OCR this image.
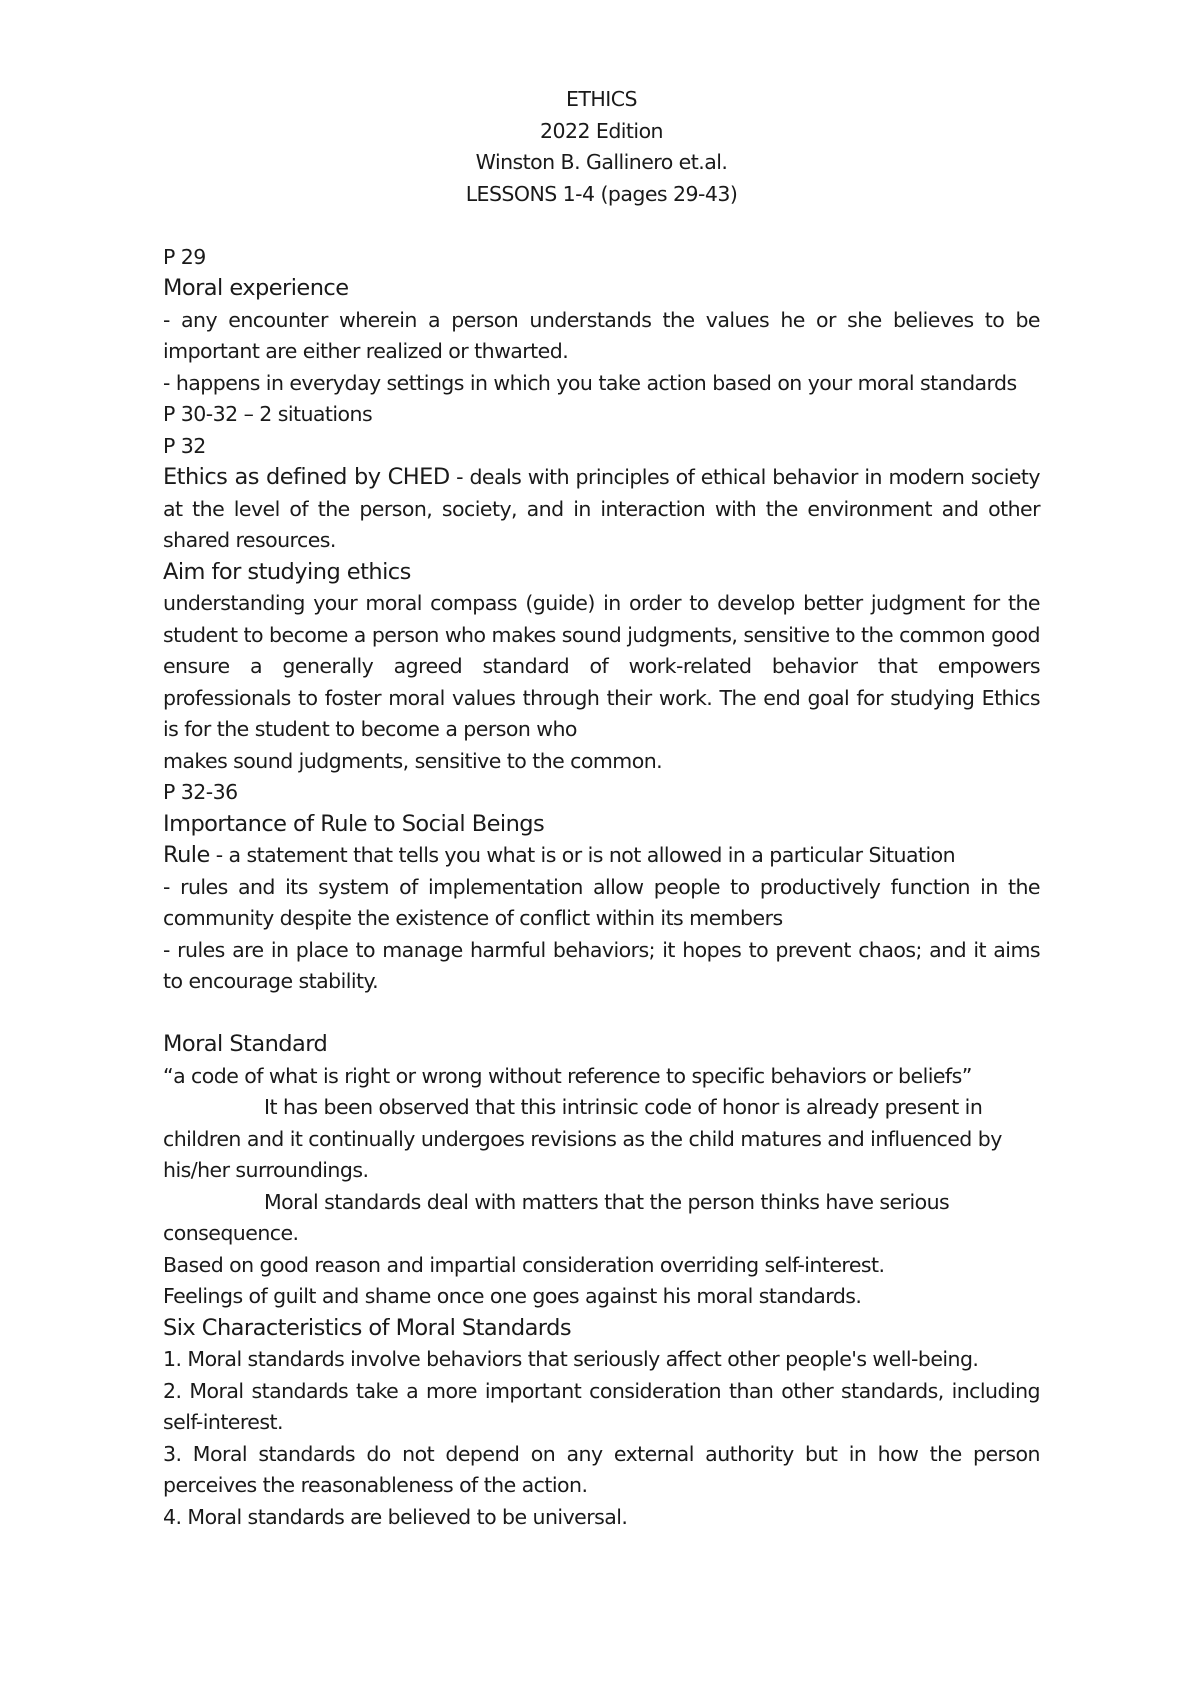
ETHICS
2022 Edition
Winston B. Gallinero et.al.
LESSONS 1-4 (pages 29-43)
P 29
Moral experience

- any encounter wherein a person understands the values he or she believes to be important are either realized or thwarted.

- happens in everyday settings in which you take action based on your moral standards

P 30-32 – 2 situations
P 32

Ethics as defined by CHED - deals with principles of ethical behavior in modern society at the level of the person, society, and in interaction with the environment and other shared resources.

Aim for studying ethics

understanding your moral compass (guide) in order to develop better judgment for the student to become a person who makes sound judgments, sensitive to the common good ensure a generally agreed standard of work-related behavior that empowers professionals to foster moral values through their work. The end goal for studying Ethics is for the student to become a person who

makes sound judgments, sensitive to the common.

P 32-36
Importance of Rule to Social Beings

Rule - a statement that tells you what is or is not allowed in a particular Situation

- rules and its system of implementation allow people to productively function in the community despite the existence of conflict within its members

- rules are in place to manage harmful behaviors; it hopes to prevent chaos; and it aims to encourage stability.

Moral Standard

“a code of what is right or wrong without reference to specific behaviors or beliefs”

It has been observed that this intrinsic code of honor is already present in children and it continually undergoes revisions as the child matures and influenced by his/her surroundings.

Moral standards deal with matters that the person thinks have serious consequence.

Based on good reason and impartial consideration overriding self-interest.

Feelings of guilt and shame once one goes against his moral standards.

Six Characteristics of Moral Standards

1. Moral standards involve behaviors that seriously affect other people's well-being.

2. Moral standards take a more important consideration than other standards, including self-interest.

3. Moral standards do not depend on any external authority but in how the person perceives the reasonableness of the action.

4. Moral standards are believed to be universal.
